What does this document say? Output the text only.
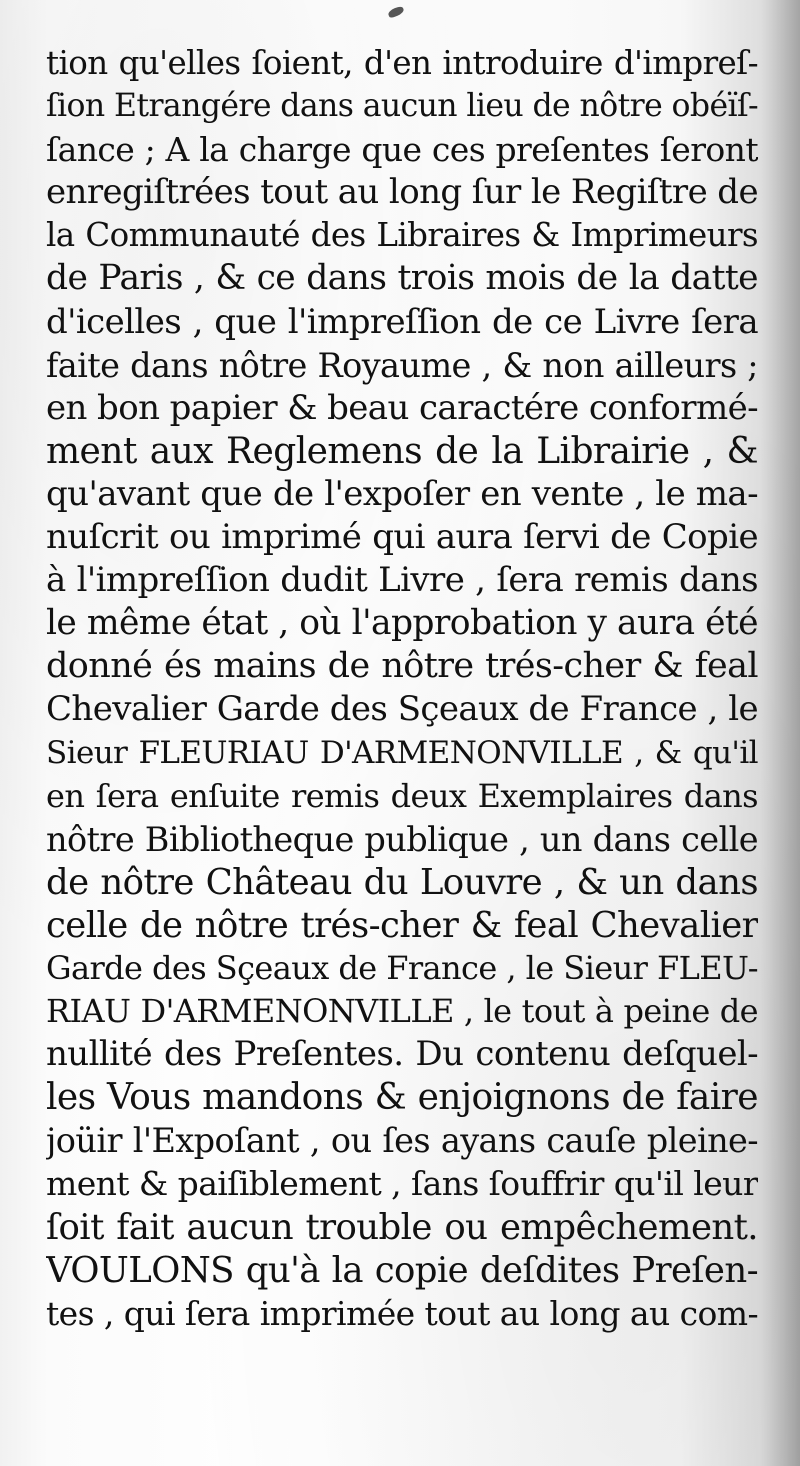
tion qu'elles ſoient, d'en introduire d'impreſ-
ſion Etrangére dans aucun lieu de nôtre obéïſ-
ſance ; A la charge que ces preſentes ſeront
enregiſtrées tout au long ſur le Regiſtre de
la Communauté des Libraires & Imprimeurs
de Paris , & ce dans trois mois de la datte
d'icelles , que l'impreſſion de ce Livre ſera
faite dans nôtre Royaume , & non ailleurs ;
en bon papier & beau caractére conformé-
ment aux Reglemens de la Librairie , &
qu'avant que de l'expoſer en vente , le ma-
nuſcrit ou imprimé qui aura ſervi de Copie
à l'impreſſion dudit Livre , ſera remis dans
le même état , où l'approbation y aura été
donné és mains de nôtre trés-cher & feal
Chevalier Garde des Sçeaux de France , le
Sieur FLEURIAU D'ARMENONVILLE , & qu'il
en ſera enſuite remis deux Exemplaires dans
nôtre Bibliotheque publique , un dans celle
de nôtre Château du Louvre , & un dans
celle de nôtre trés-cher & feal Chevalier
Garde des Sçeaux de France , le Sieur FLEU-
RIAU D'ARMENONVILLE , le tout à peine de
nullité des Preſentes. Du contenu deſquel-
les Vous mandons & enjoignons de faire
joüir l'Expoſant , ou ſes ayans cauſe pleine-
ment & paiſiblement , ſans ſouffrir qu'il leur
ſoit fait aucun trouble ou empêchement.
VOULONS qu'à la copie deſdites Preſen-
tes , qui ſera imprimée tout au long au com-
